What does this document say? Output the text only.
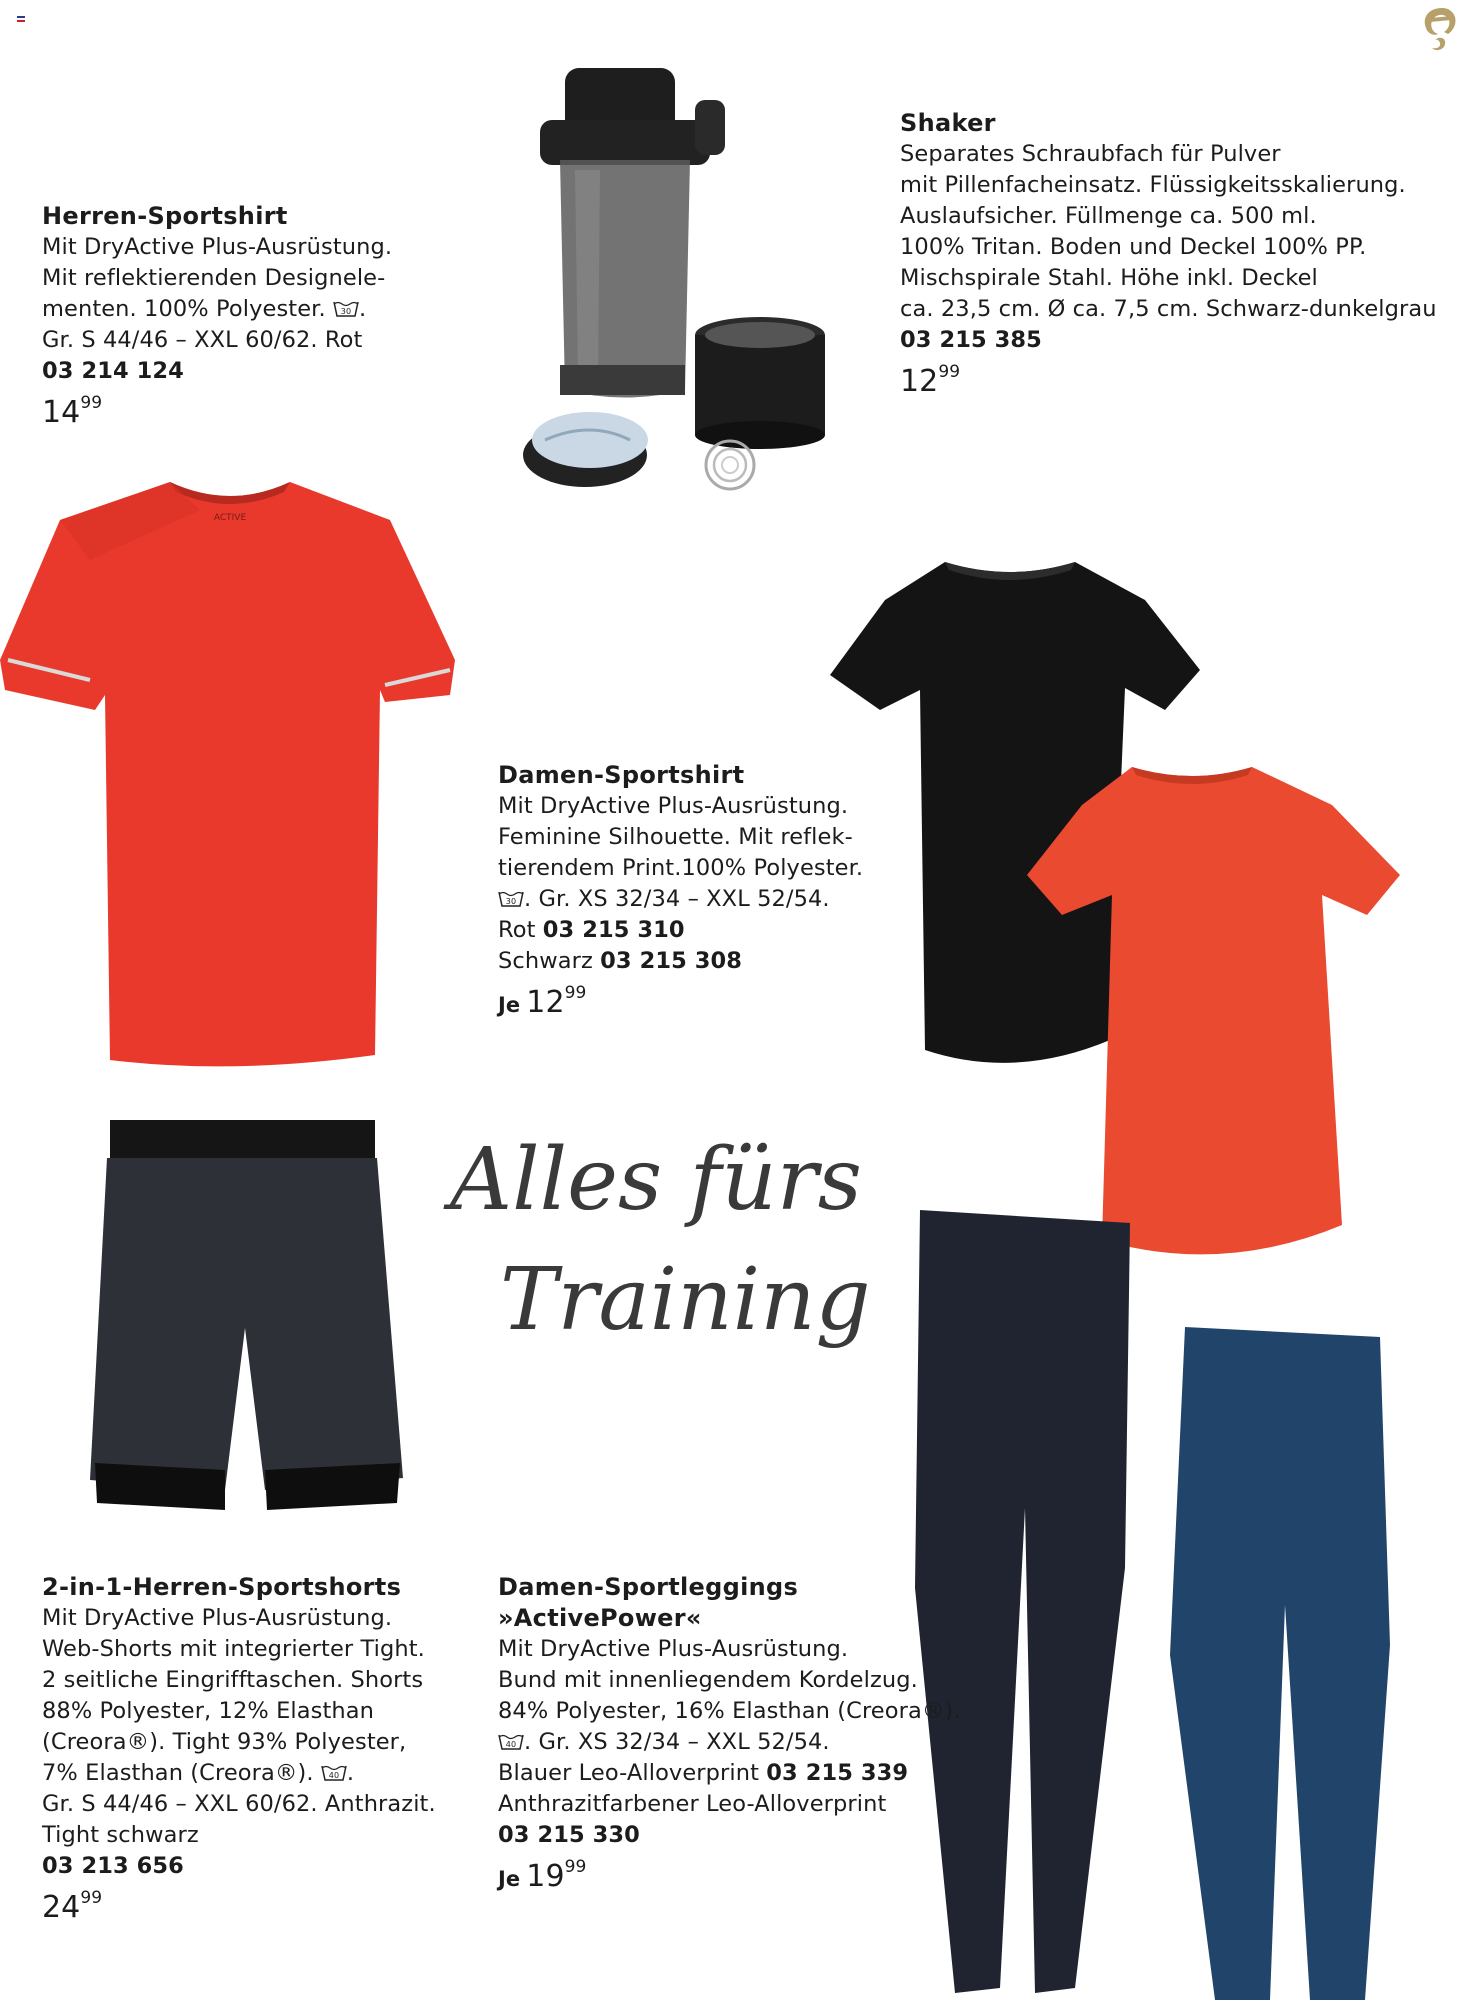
Herren-Sportshirt
Mit DryActive Plus-Ausrüstung.
Mit reflektierenden Designele-
menten. 100% Polyester. 30 .
Gr. S 44/46 – XXL 60/62. Rot
03 214 124
$14^{99}$
Shaker
Separates Schraubfach für Pulver
mit Pillenfacheinsatz. Flüssigkeitsskalierung.
Auslaufsicher. Füllmenge ca. 500 ml.
100% Tritan. Boden und Deckel 100% PP.
Mischspirale Stahl. Höhe inkl. Deckel
ca. 23,5 cm. Ø ca. 7,5 cm. Schwarz-dunkelgrau
03 215 385
$12^{99}$
ACTIVE
Damen-Sportshirt
Mit DryActive Plus-Ausrüstung.
Feminine Silhouette. Mit reflek-
tierendem Print.100% Polyester.
30 . Gr. XS 32/34 – XXL 52/54.
Rot 03 215 310
Schwarz 03 215 308
Je $12^{99}$
Alles fürs
Training
2-in-1-Herren-Sportshorts
Mit DryActive Plus-Ausrüstung.
Web-Shorts mit integrierter Tight.
2 seitliche Eingrifftaschen. Shorts
88% Polyester, 12% Elasthan
(Creora®). Tight 93% Polyester,
7% Elasthan (Creora®). 40 .
Gr. S 44/46 – XXL 60/62. Anthrazit.
Tight schwarz
03 213 656
$24^{99}$
Damen-Sportleggings
»ActivePower«
Mit DryActive Plus-Ausrüstung.
Bund mit innenliegendem Kordelzug.
84% Polyester, 16% Elasthan (Creora®).
40 . Gr. XS 32/34 – XXL 52/54.
Blauer Leo-Alloverprint 03 215 339
Anthrazitfarbener Leo-Alloverprint
03 215 330
Je $19^{99}$
